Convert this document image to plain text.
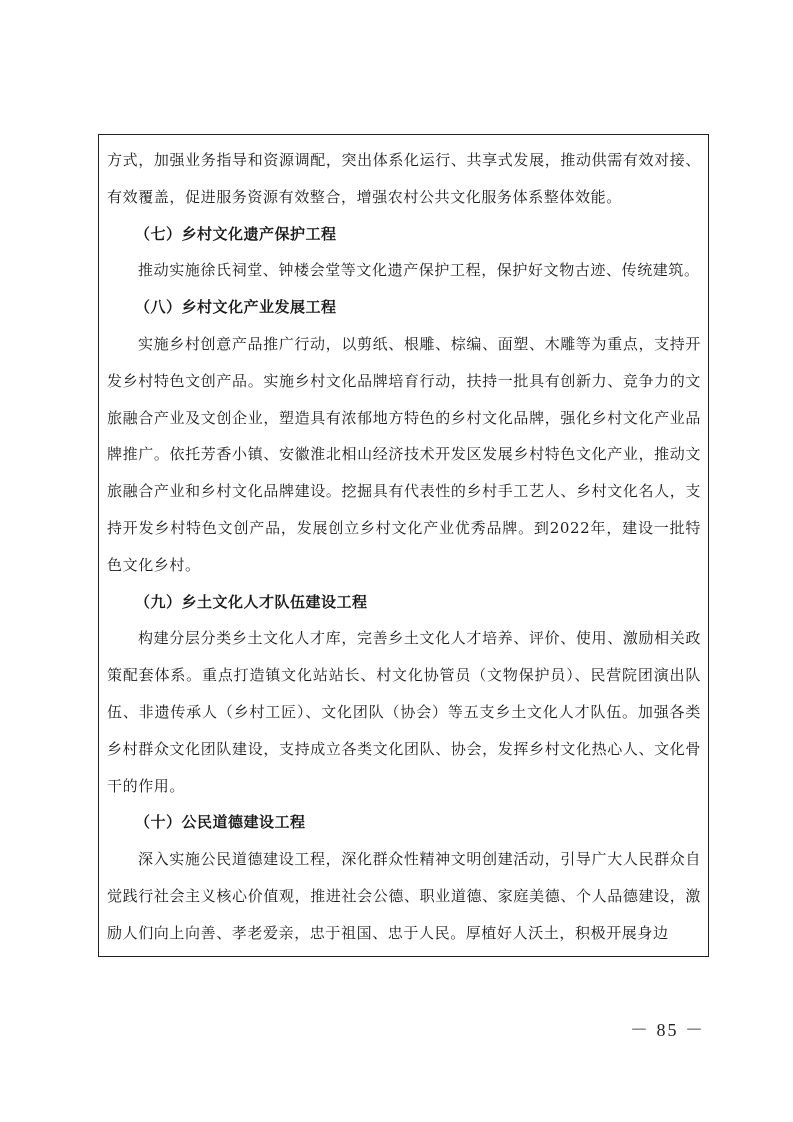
方式，加强业务指导和资源调配，突出体系化运行、共享式发展，推动供需有效对接、有效覆盖，促进服务资源有效整合，增强农村公共文化服务体系整体效能。

（七）乡村文化遗产保护工程

推动实施徐氏祠堂、钟楼会堂等文化遗产保护工程，保护好文物古迹、传统建筑。

（八）乡村文化产业发展工程

实施乡村创意产品推广行动，以剪纸、根雕、棕编、面塑、木雕等为重点，支持开发乡村特色文创产品。实施乡村文化品牌培育行动，扶持一批具有创新力、竞争力的文旅融合产业及文创企业，塑造具有浓郁地方特色的乡村文化品牌，强化乡村文化产业品牌推广。依托芳香小镇、安徽淮北相山经济技术开发区发展乡村特色文化产业，推动文旅融合产业和乡村文化品牌建设。挖掘具有代表性的乡村手工艺人、乡村文化名人，支持开发乡村特色文创产品，发展创立乡村文化产业优秀品牌。到2022年，建设一批特色文化乡村。

（九）乡土文化人才队伍建设工程

构建分层分类乡土文化人才库，完善乡土文化人才培养、评价、使用、激励相关政策配套体系。重点打造镇文化站站长、村文化协管员（文物保护员）、民营院团演出队伍、非遗传承人（乡村工匠）、文化团队（协会）等五支乡土文化人才队伍。加强各类乡村群众文化团队建设，支持成立各类文化团队、协会，发挥乡村文化热心人、文化骨干的作用。

（十）公民道德建设工程

深入实施公民道德建设工程，深化群众性精神文明创建活动，引导广大人民群众自觉践行社会主义核心价值观，推进社会公德、职业道德、家庭美德、个人品德建设，激励人们向上向善、孝老爱亲，忠于祖国、忠于人民。厚植好人沃土，积极开展身边

－ 85 －
